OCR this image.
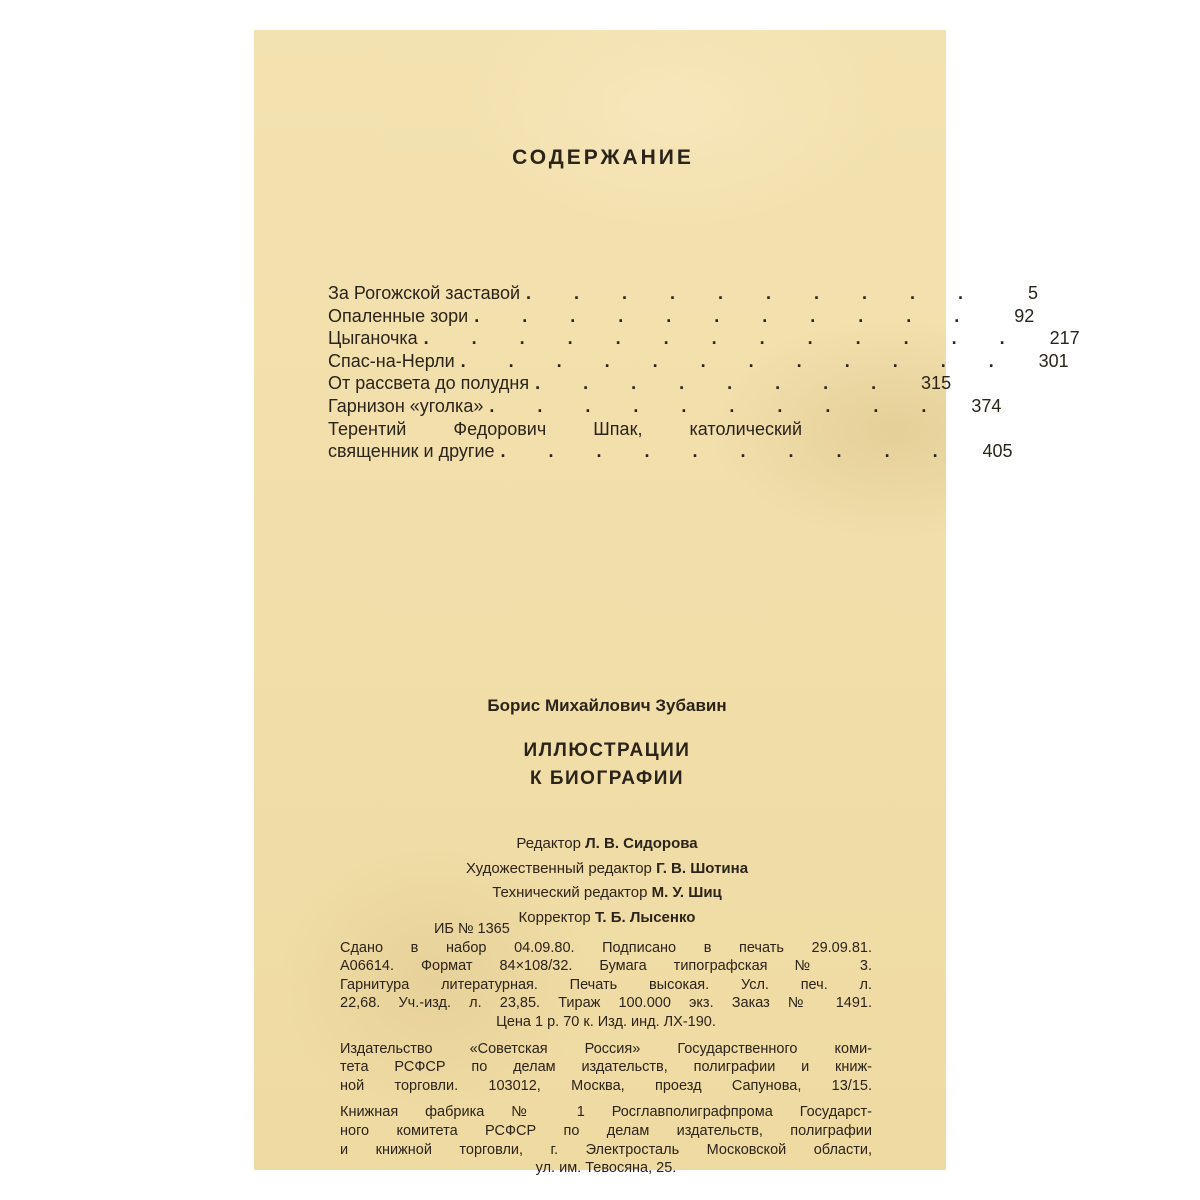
СОДЕРЖАНИЕ
За Рогожской заставой . . . . . . . . . .	5
Опаленные зори . . . . . . . . . . .	92
Цыганочка . . . . . . . . . . . . .	217
Спас-на-Нерли . . . . . . . . . . . .	301
От рассвета до полудня . . . . . . . .	315
Гарнизон «уголка» . . . . . . . . . .	374
Терентий Федорович Шпак, католический
священник и другие . . . . . . . . . .	405
Борис Михайлович Зубавин
ИЛЛЮСТРАЦИИ
К БИОГРАФИИ
Редактор Л. В. Сидорова
Художественный редактор Г. В. Шотина
Технический редактор М. У. Шиц
Корректор Т. Б. Лысенко
ИБ № 1365
Сдано в набор 04.09.80. Подписано в печать 29.09.81.
А06614. Формат 84×108/32. Бумага типографская № 3.
Гарнитура литературная. Печать высокая. Усл. печ. л.
22,68. Уч.-изд. л. 23,85. Тираж 100.000 экз. Заказ № 1491.
Цена 1 р. 70 к. Изд. инд. ЛХ-190.
Издательство «Советская Россия» Государственного коми-
тета РСФСР по делам издательств, полиграфии и книж-
ной торговли. 103012, Москва, проезд Сапунова, 13/15.
Книжная фабрика № 1 Росглавполиграфпрома Государст-
ного комитета РСФСР по делам издательств, полиграфии
и книжной торговли, г. Электросталь Московской области,
ул. им. Тевосяна, 25.
